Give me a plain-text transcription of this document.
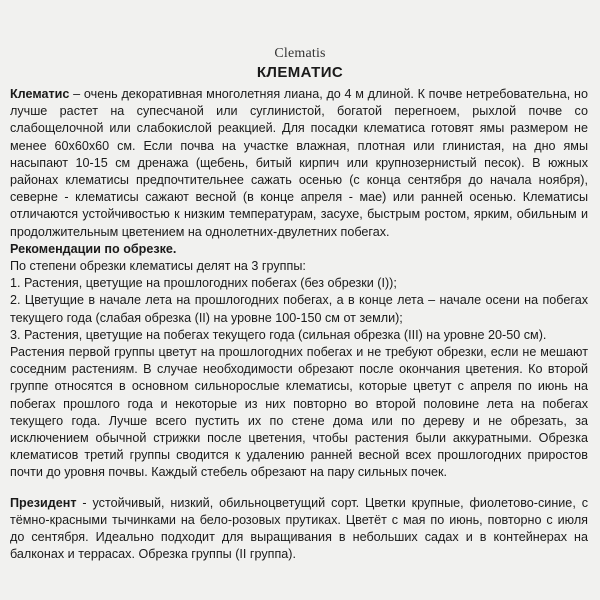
Clematis
КЛЕМАТИС

Клематис – очень декоративная многолетняя лиана, до 4 м длиной. К почве нетребовательна, но лучше растет на супесчаной или суглинистой, богатой перегноем, рыхлой почве со слабощелочной или слабокислой реакцией. Для посадки клематиса готовят ямы размером не менее 60х60х60 см. Если почва на участке влажная, плотная или глинистая, на дно ямы насыпают 10-15 см дренажа (щебень, битый кирпич или крупнозернистый песок). В южных районах клематисы предпочтительнее сажать осенью (с конца сентября до начала ноября), северне - клематисы сажают весной (в конце апреля - мае) или ранней осенью. Клематисы отличаются устойчивостью к низким температурам, засухе, быстрым ростом, ярким, обильным и продолжительным цветением на однолетних-двулетних побегах.

Рекомендации по обрезке.

По степени обрезки клематисы делят на 3 группы:

1. Растения, цветущие на прошлогодних побегах (без обрезки (I));

2. Цветущие в начале лета на прошлогодних побегах, а в конце лета – начале осени на побегах текущего года (слабая обрезка (II) на уровне 100-150 см от земли);

3. Растения, цветущие на побегах текущего года (сильная обрезка (III) на уровне 20-50 см).

Растения первой группы цветут на прошлогодних побегах и не требуют обрезки, если не мешают соседним растениям. В случае необходимости обрезают после окончания цветения. Ко второй группе относятся в основном сильнорослые клематисы, которые цветут с апреля по июнь на побегах прошлого года и некоторые из них повторно во второй половине лета на побегах текущего года. Лучше всего пустить их по стене дома или по дереву и не обрезать, за исключением обычной стрижки после цветения, чтобы растения были аккуратными. Обрезка клематисов третий группы сводится к удалению ранней весной всех прошлогодних приростов почти до уровня почвы. Каждый стебель обрезают на пару сильных почек.

Президент - устойчивый, низкий, обильноцветущий сорт. Цветки крупные, фиолетово-синие, с тёмно-красными тычинками на бело-розовых прутиках. Цветёт с мая по июнь, повторно с июля до сентября. Идеально подходит для выращивания в небольших садах и в контейнерах на балконах и террасах. Обрезка группы (II группа).
